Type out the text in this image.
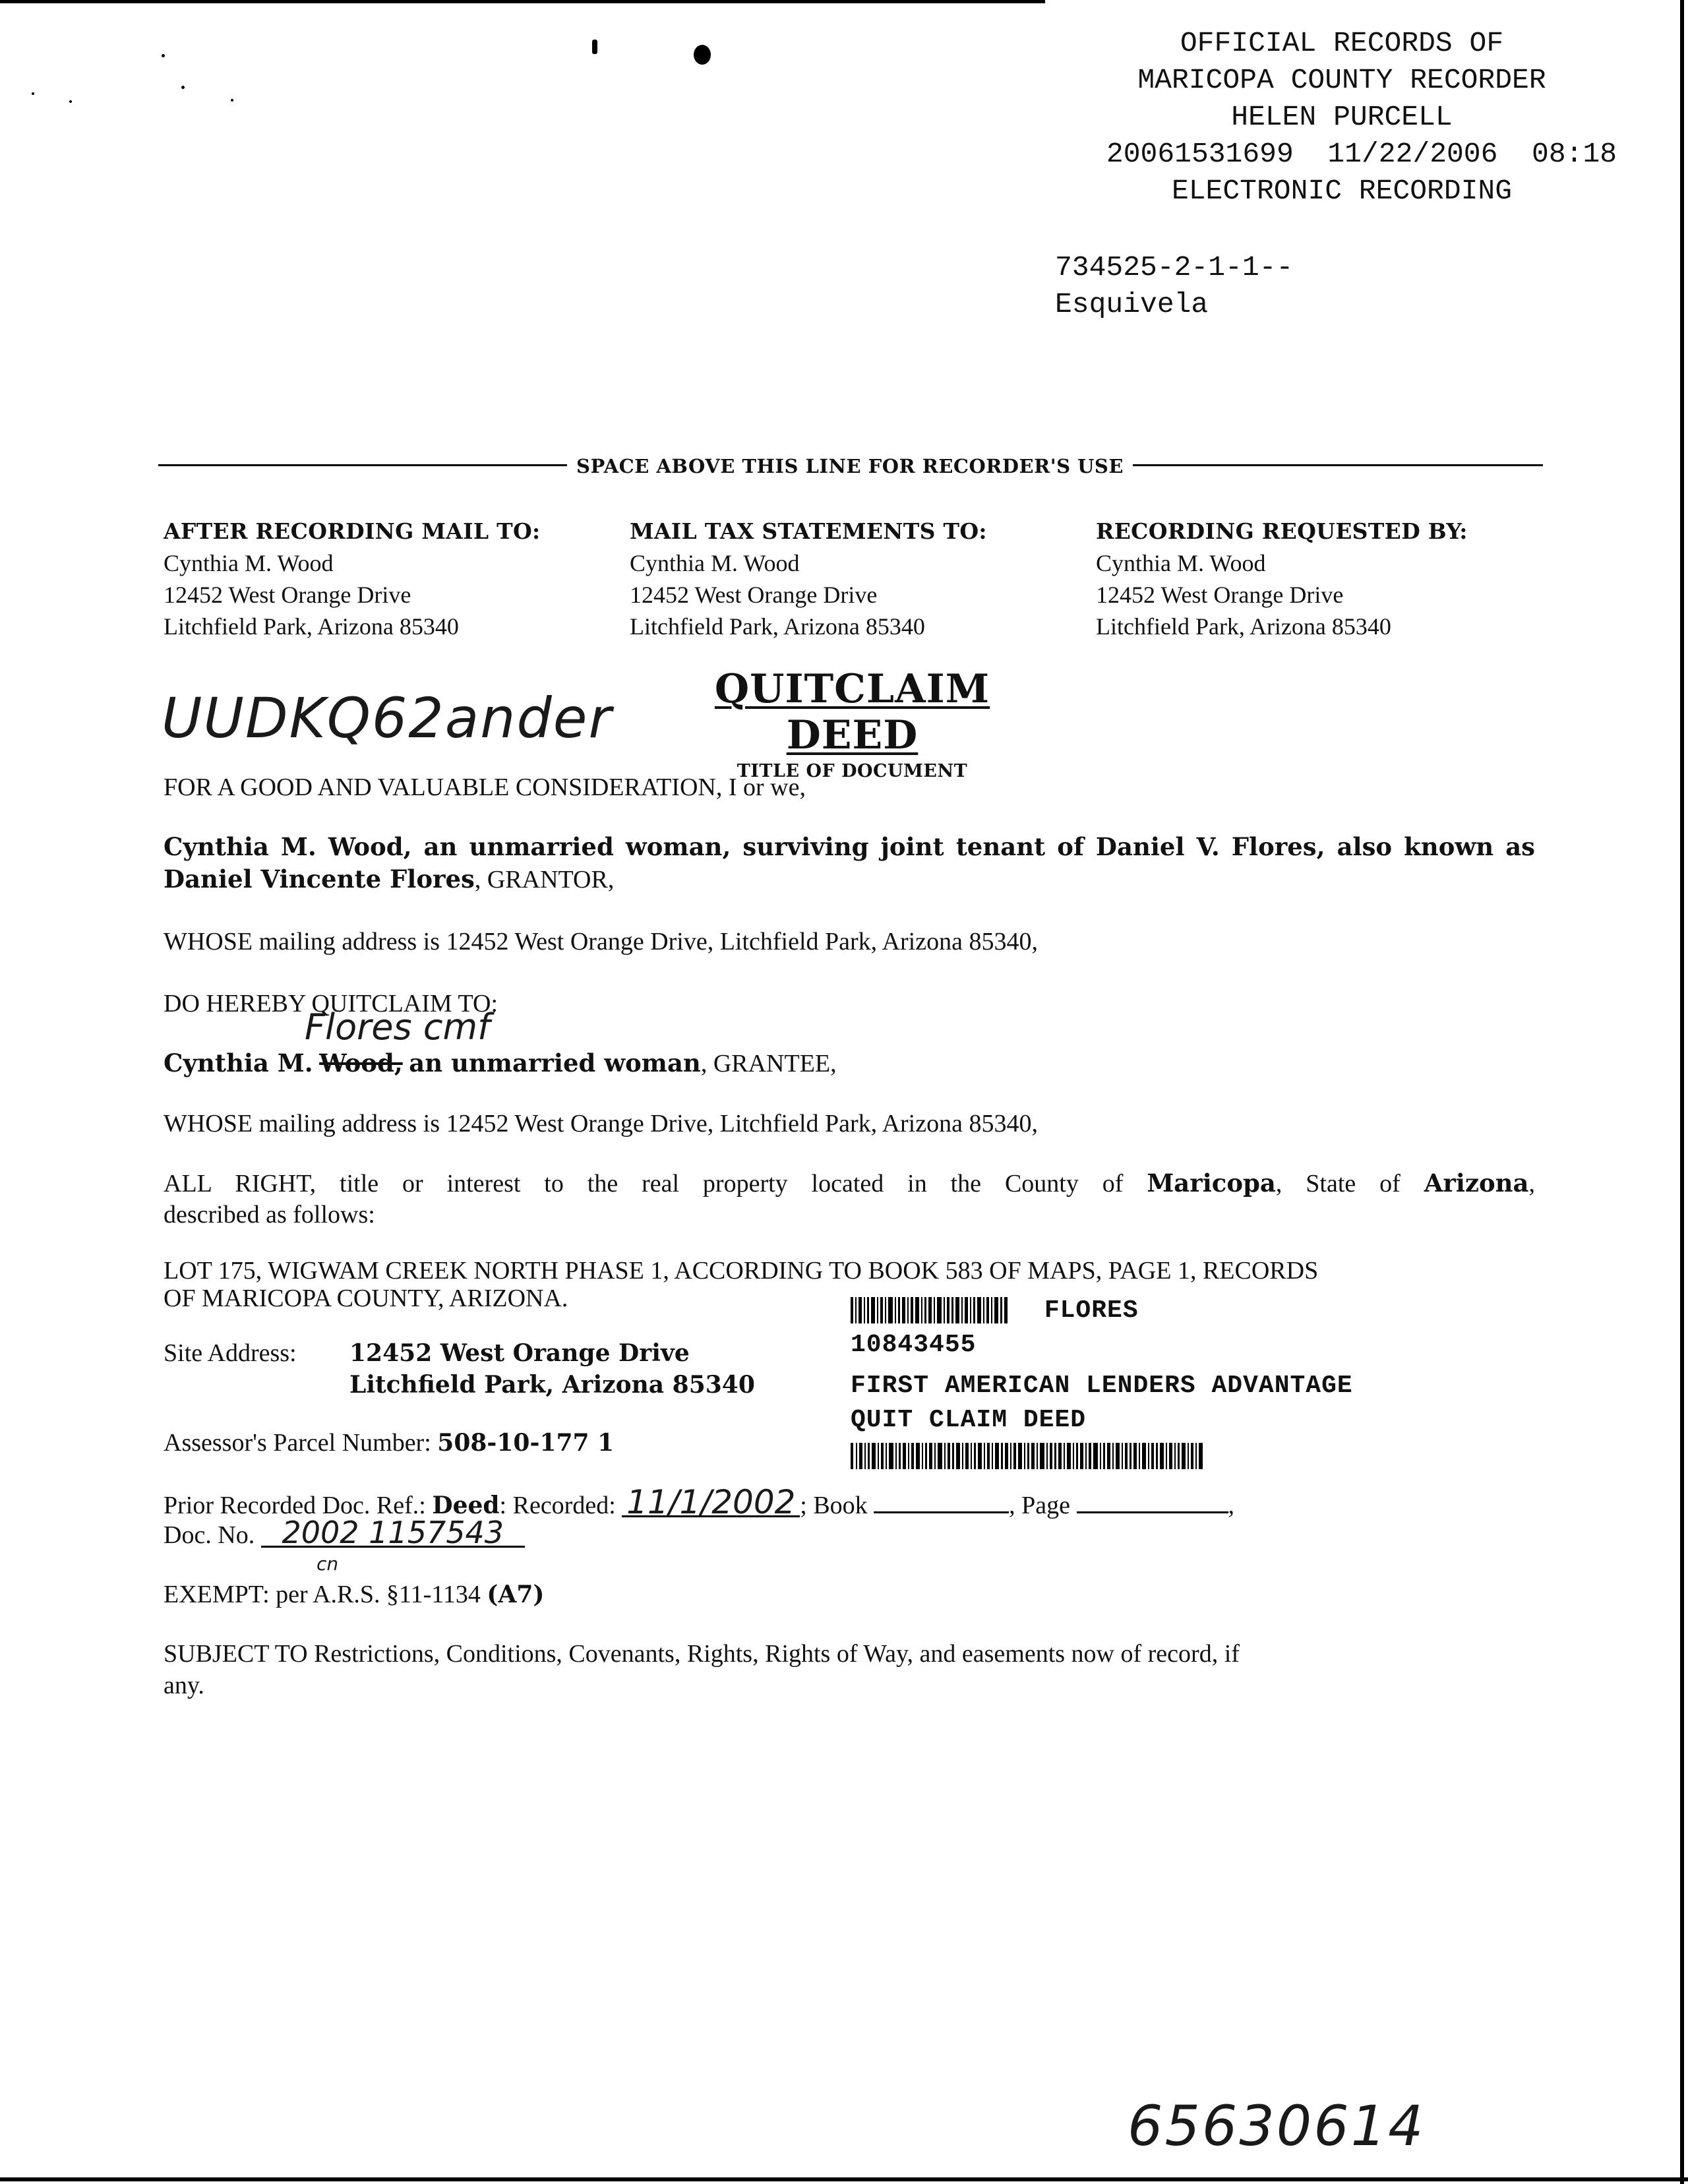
OFFICIAL RECORDS OF
MARICOPA COUNTY RECORDER
HELEN PURCELL
20061531699  11/22/2006  08:18
ELECTRONIC RECORDING
734525-2-1-1--
Esquivela
SPACE ABOVE THIS LINE FOR RECORDER'S USE
AFTER RECORDING MAIL TO:
Cynthia M. Wood
12452 West Orange Drive
Litchfield Park, Arizona 85340
MAIL TAX STATEMENTS TO:
Cynthia M. Wood
12452 West Orange Drive
Litchfield Park, Arizona 85340
RECORDING REQUESTED BY:
Cynthia M. Wood
12452 West Orange Drive
Litchfield Park, Arizona 85340
UUDKQ62ander	QUITCLAIM DEED
TITLE OF DOCUMENT
FOR A GOOD AND VALUABLE CONSIDERATION, I or we,
Cynthia M. Wood, an unmarried woman, surviving joint tenant of Daniel V. Flores, also known as Daniel Vincente Flores, GRANTOR,
WHOSE mailing address is 12452 West Orange Drive, Litchfield Park, Arizona 85340,
DO HEREBY QUITCLAIM TO:
Flores cmf
Cynthia M. Wood, an unmarried woman, GRANTEE,
WHOSE mailing address is 12452 West Orange Drive, Litchfield Park, Arizona 85340,
ALL RIGHT, title or interest to the real property located in the County of Maricopa, State of Arizona,
described as follows:
LOT 175, WIGWAM CREEK NORTH PHASE 1, ACCORDING TO BOOK 583 OF MAPS, PAGE 1, RECORDS
OF MARICOPA COUNTY, ARIZONA.	FLORES
10843455
FIRST AMERICAN LENDERS ADVANTAGE
QUIT CLAIM DEED
Site Address: 12452 West Orange Drive
Litchfield Park, Arizona 85340
Assessor's Parcel Number: 508-10-177 1
Prior Recorded Doc. Ref.: Deed: Recorded: 11/1/2002 ; Book	, Page	,
Doc. No. 2002 1157543
cn
EXEMPT: per A.R.S. §11-1134 (A7)
SUBJECT TO Restrictions, Conditions, Covenants, Rights, Rights of Way, and easements now of record, if
any.
65630614
